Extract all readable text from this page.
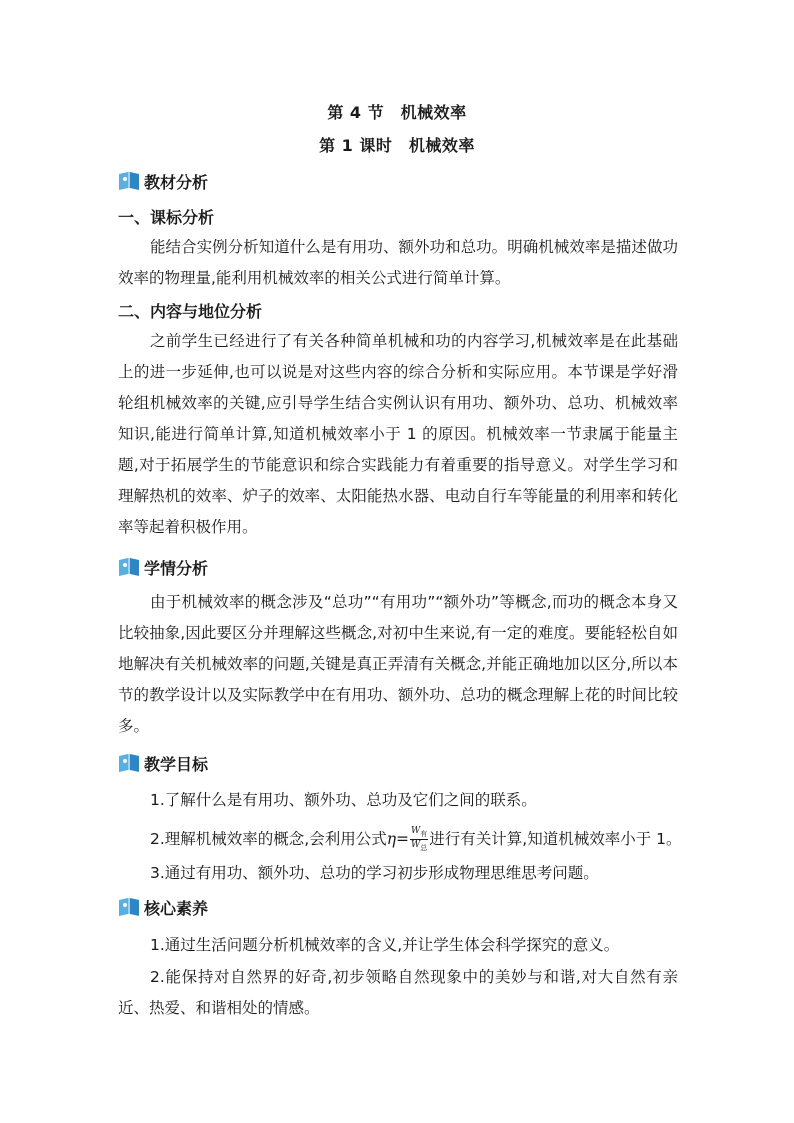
第 4 节　机械效率
第 1 课时　机械效率
教材分析
一、课标分析
能结合实例分析知道什么是有用功、额外功和总功。明确机械效率是描述做功效率的物理量,能利用机械效率的相关公式进行简单计算。
二、内容与地位分析
之前学生已经进行了有关各种简单机械和功的内容学习,机械效率是在此基础上的进一步延伸,也可以说是对这些内容的综合分析和实际应用。本节课是学好滑轮组机械效率的关键,应引导学生结合实例认识有用功、额外功、总功、机械效率知识,能进行简单计算,知道机械效率小于 1 的原因。机械效率一节隶属于能量主题,对于拓展学生的节能意识和综合实践能力有着重要的指导意义。对学生学习和理解热机的效率、炉子的效率、太阳能热水器、电动自行车等能量的利用率和转化率等起着积极作用。
学情分析
由于机械效率的概念涉及“总功”“有用功”“额外功”等概念,而功的概念本身又比较抽象,因此要区分并理解这些概念,对初中生来说,有一定的难度。要能轻松自如地解决有关机械效率的问题,关键是真正弄清有关概念,并能正确地加以区分,所以本节的教学设计以及实际教学中在有用功、额外功、总功的概念理解上花的时间比较多。
教学目标
1.了解什么是有用功、额外功、总功及它们之间的联系。
2.理解机械效率的概念,会利用公式$\eta= \frac{W_有}{W_总}$ 进行有关计算,知道机械效率小于 1。
3.通过有用功、额外功、总功的学习初步形成物理思维思考问题。
核心素养
1.通过生活问题分析机械效率的含义,并让学生体会科学探究的意义。
2.能保持对自然界的好奇,初步领略自然现象中的美妙与和谐,对大自然有亲近、热爱、和谐相处的情感。
